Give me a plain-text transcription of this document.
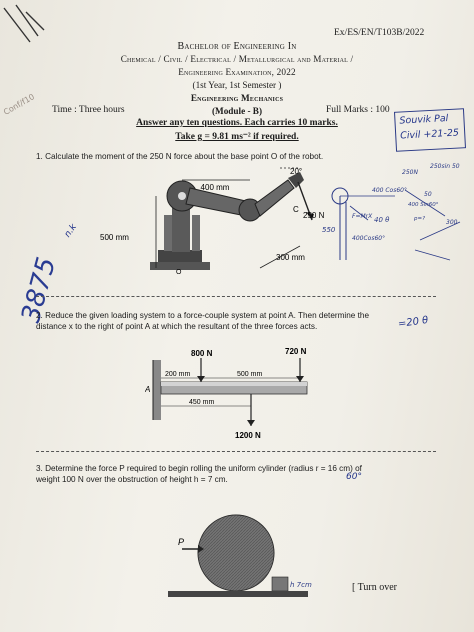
Ex/ES/EN/T103B/2022
Bachelor of Engineering In
Chemical / Civil / Electrical / Metallurgical and Material /
Engineering Examination, 2022
(1st Year, 1st Semester )
Engineering Mechanics
(Module - B)
Time : Three hours	Full Marks : 100
Answer any ten questions. Each carries 10 marks.
Take g = 9.81 ms⁻² if required.
Souvik Pal
Civil +21-25
Conf/f10
3875
n.k
1. Calculate the moment of the 250 N force about the base point O of the robot.
400 mm
500 mm
20°
250 N
C
300 mm
O
400 Cos60°
F=MrX
550
400Cos60°
40 θ
250N
250sin 50
50
400 Sin60°
300
p=?
2. Reduce the given loading system to a force-couple system at point A. Then determine the
distance x to the right of point A at which the resultant of the three forces acts.	=20 θ
800 N	720 N
1200 N
200 mm	500 mm
450 mm
A
3. Determine the force P required to begin rolling the uniform cylinder (radius r = 16 cm) of
weight 100 N over the obstruction of height h = 7 cm.	60°
P
h 7cm	[ Turn over
